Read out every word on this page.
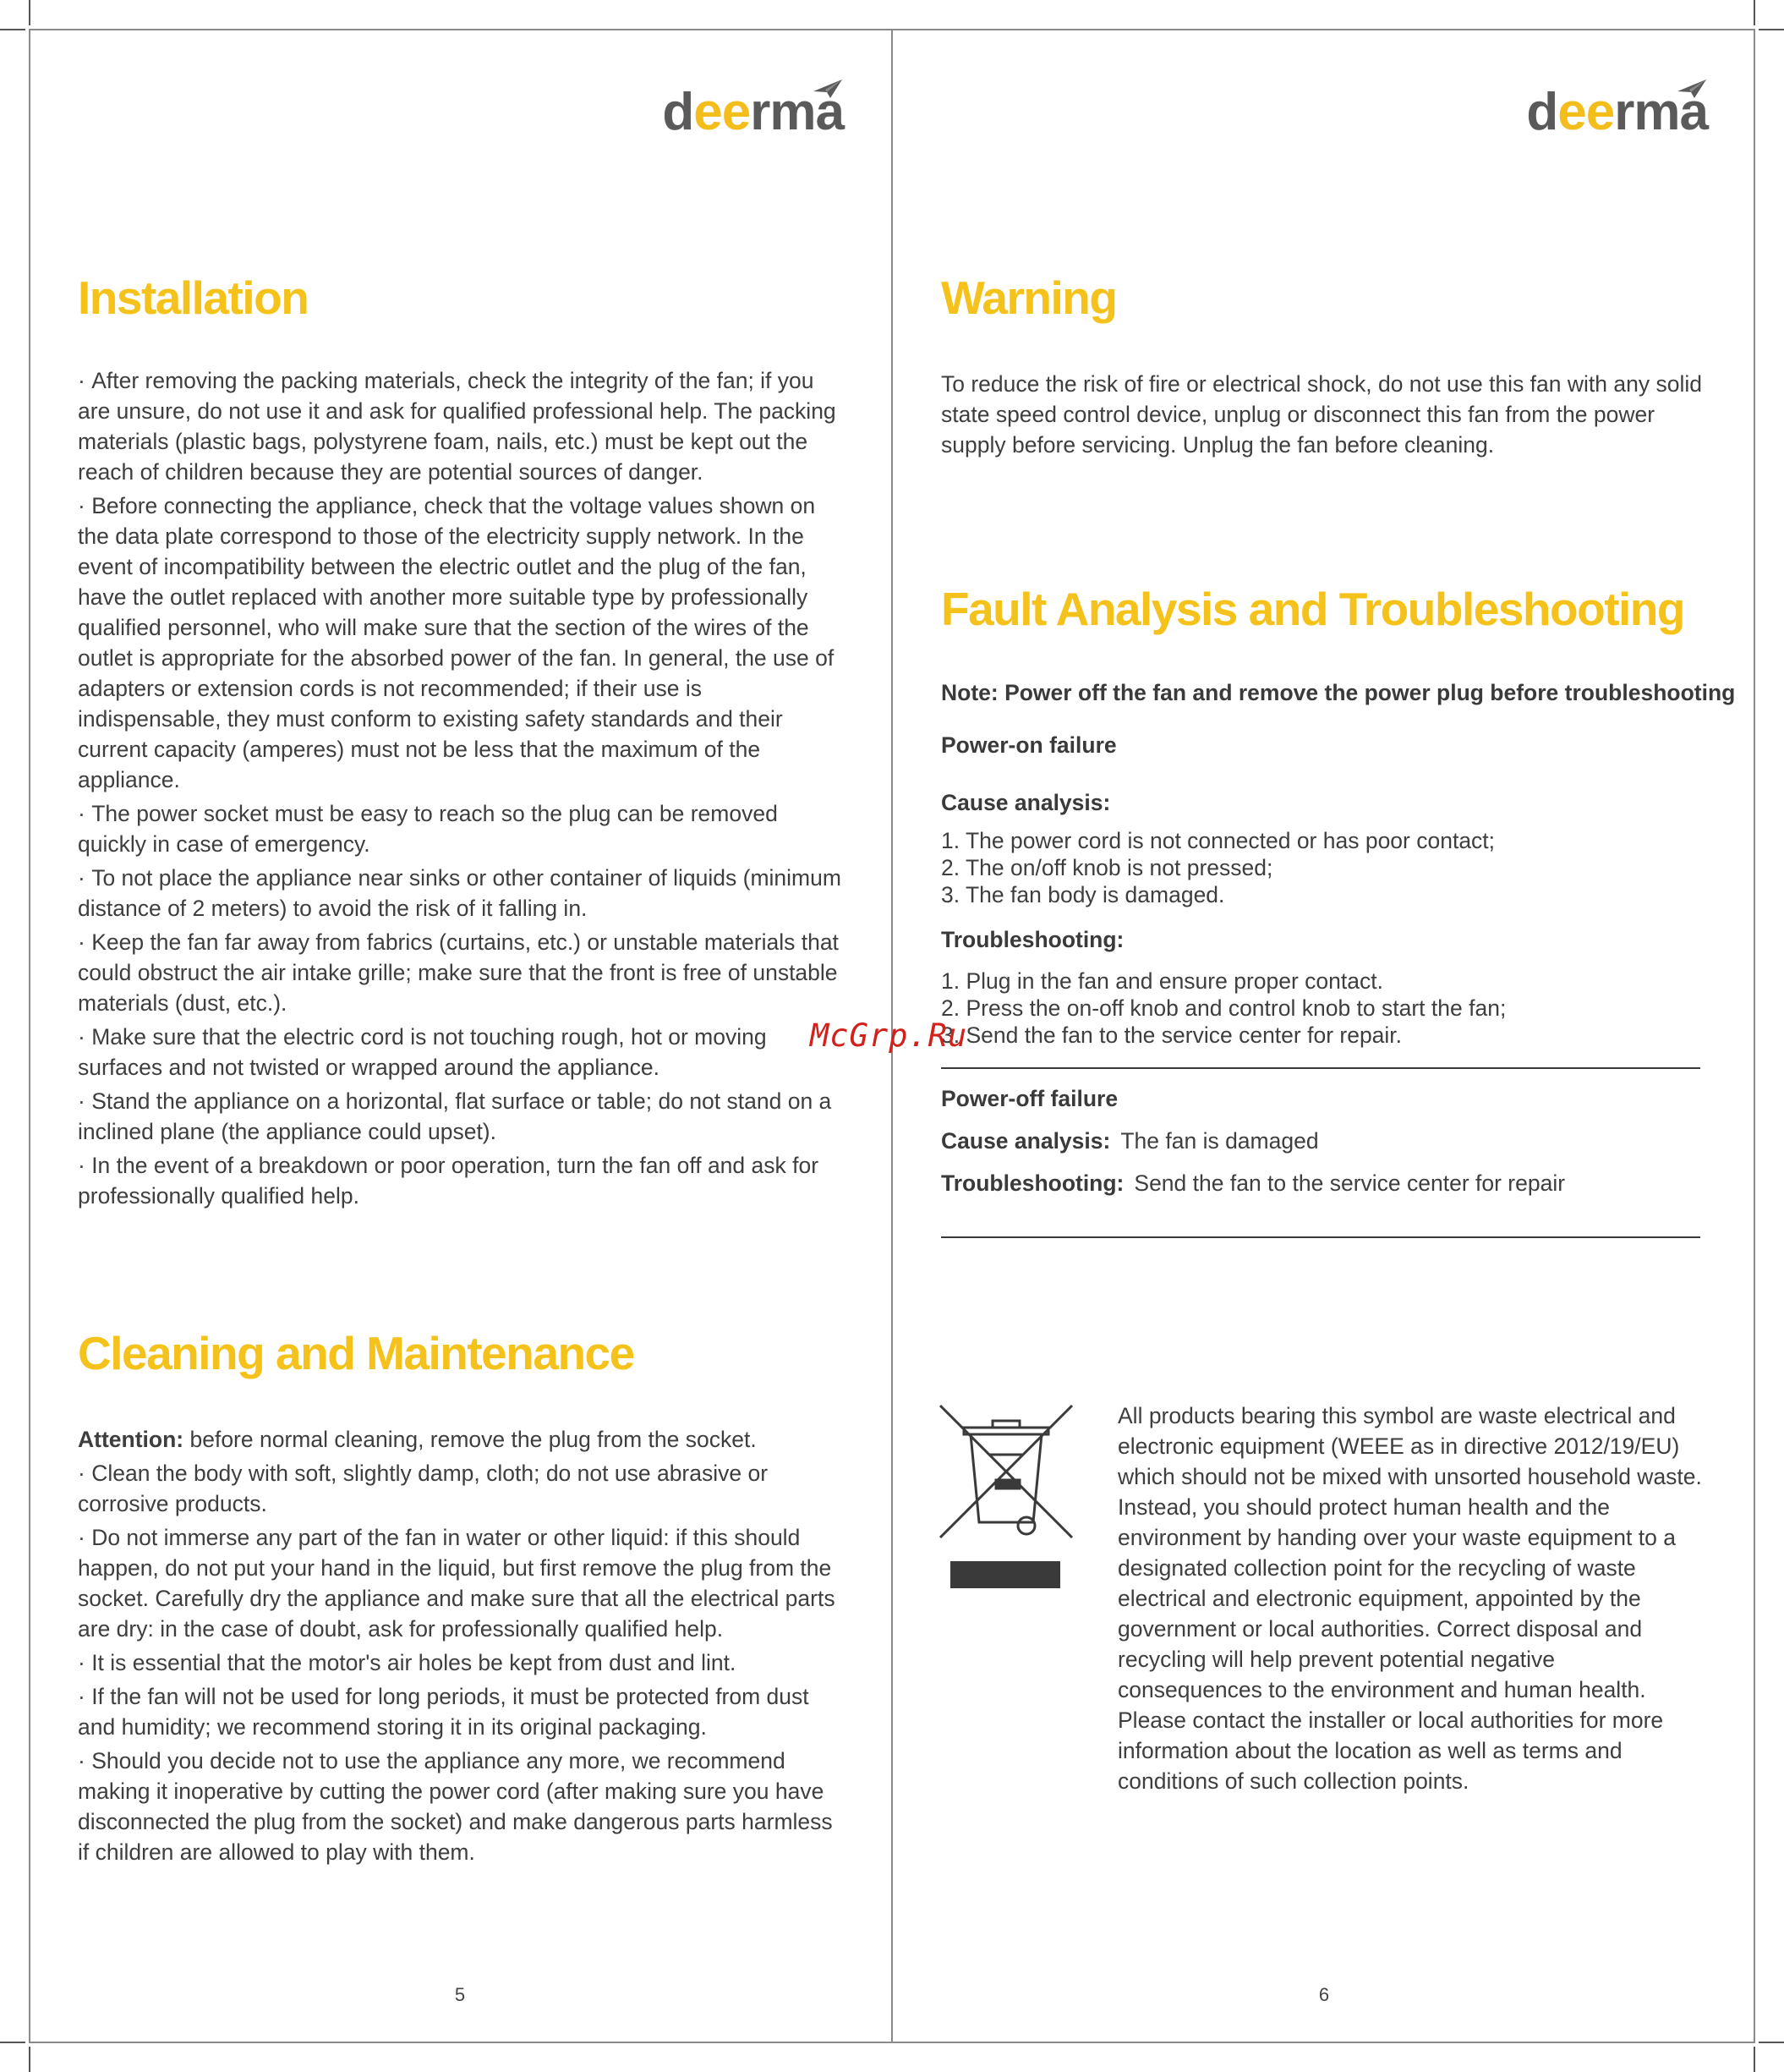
deerma
Installation

· After removing the packing materials, check the integrity of the fan; if you are unsure, do not use it and ask for qualified professional help. The packing materials (plastic bags, polystyrene foam, nails, etc.) must be kept out the reach of children because they are potential sources of danger.

· Before connecting the appliance, check that the voltage values shown on the data plate correspond to those of the electricity supply network. In the event of incompatibility between the electric outlet and the plug of the fan, have the outlet replaced with another more suitable type by professionally qualified personnel, who will make sure that the section of the wires of the outlet is appropriate for the absorbed power of the fan. In general, the use of adapters or extension cords is not recommended; if their use is indispensable, they must conform to existing safety standards and their current capacity (amperes) must not be less that the maximum of the appliance.

· The power socket must be easy to reach so the plug can be removed quickly in case of emergency.

· To not place the appliance near sinks or other container of liquids (minimum distance of 2 meters) to avoid the risk of it falling in.

· Keep the fan far away from fabrics (curtains, etc.) or unstable materials that could obstruct the air intake grille; make sure that the front is free of unstable materials (dust, etc.).

· Make sure that the electric cord is not touching rough, hot or moving surfaces and not twisted or wrapped around the appliance.

· Stand the appliance on a horizontal, flat surface or table; do not stand on a inclined plane (the appliance could upset).

· In the event of a breakdown or poor operation, turn the fan off and ask for professionally qualified help.

Cleaning and Maintenance

Attention: before normal cleaning, remove the plug from the socket.

· Clean the body with soft, slightly damp, cloth; do not use abrasive or corrosive products.

· Do not immerse any part of the fan in water or other liquid: if this should happen, do not put your hand in the liquid, but first remove the plug from the socket. Carefully dry the appliance and make sure that all the electrical parts are dry: in the case of doubt, ask for professionally qualified help.

· It is essential that the motor's air holes be kept from dust and lint.

· If the fan will not be used for long periods, it must be protected from dust and humidity; we recommend storing it in its original packaging.

· Should you decide not to use the appliance any more, we recommend making it inoperative by cutting the power cord (after making sure you have disconnected the plug from the socket) and make dangerous parts harmless if children are allowed to play with them.

5
deerma
Warning
To reduce the risk of fire or electrical shock, do not use this fan with any solid state speed control device, unplug or disconnect this fan from the power supply before servicing. Unplug the fan before cleaning.
Fault Analysis and Troubleshooting
Note: Power off the fan and remove the power plug before troubleshooting
Power-on failure
Cause analysis:

1. The power cord is not connected or has poor contact;

2. The on/off knob is not pressed;

3. The fan body is damaged.

Troubleshooting:

1. Plug in the fan and ensure proper contact.

2. Press the on-off knob and control knob to start the fan;

3. Send the fan to the service center for repair.

Power-off failure
Cause analysis: The fan is damaged
Troubleshooting: Send the fan to the service center for repair
All products bearing this symbol are waste electrical and electronic equipment (WEEE as in directive 2012/19/EU) which should not be mixed with unsorted household waste. Instead, you should protect human health and the environment by handing over your waste equipment to a designated collection point for the recycling of waste electrical and electronic equipment, appointed by the government or local authorities. Correct disposal and recycling will help prevent potential negative consequences to the environment and human health. Please contact the installer or local authorities for more information about the location as well as terms and conditions of such collection points.
McGrp.Ru
6
